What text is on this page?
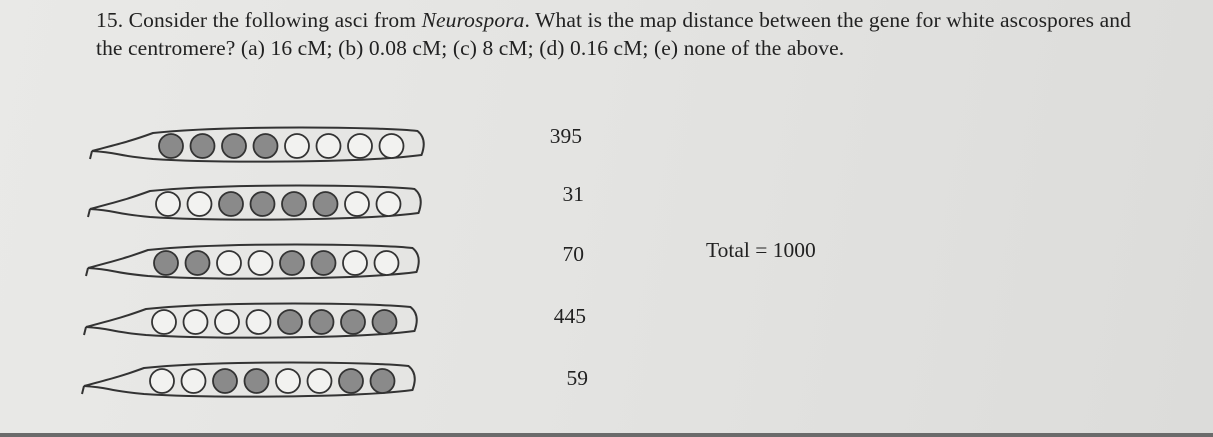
15. Consider the following asci from Neurospora. What is the map distance between the gene for white ascospores and the centromere? (a) 16 cM; (b) 0.08 cM; (c) 8 cM; (d) 0.16 cM; (e) none of the above.
395
31
70
445
59
Total = 1000
